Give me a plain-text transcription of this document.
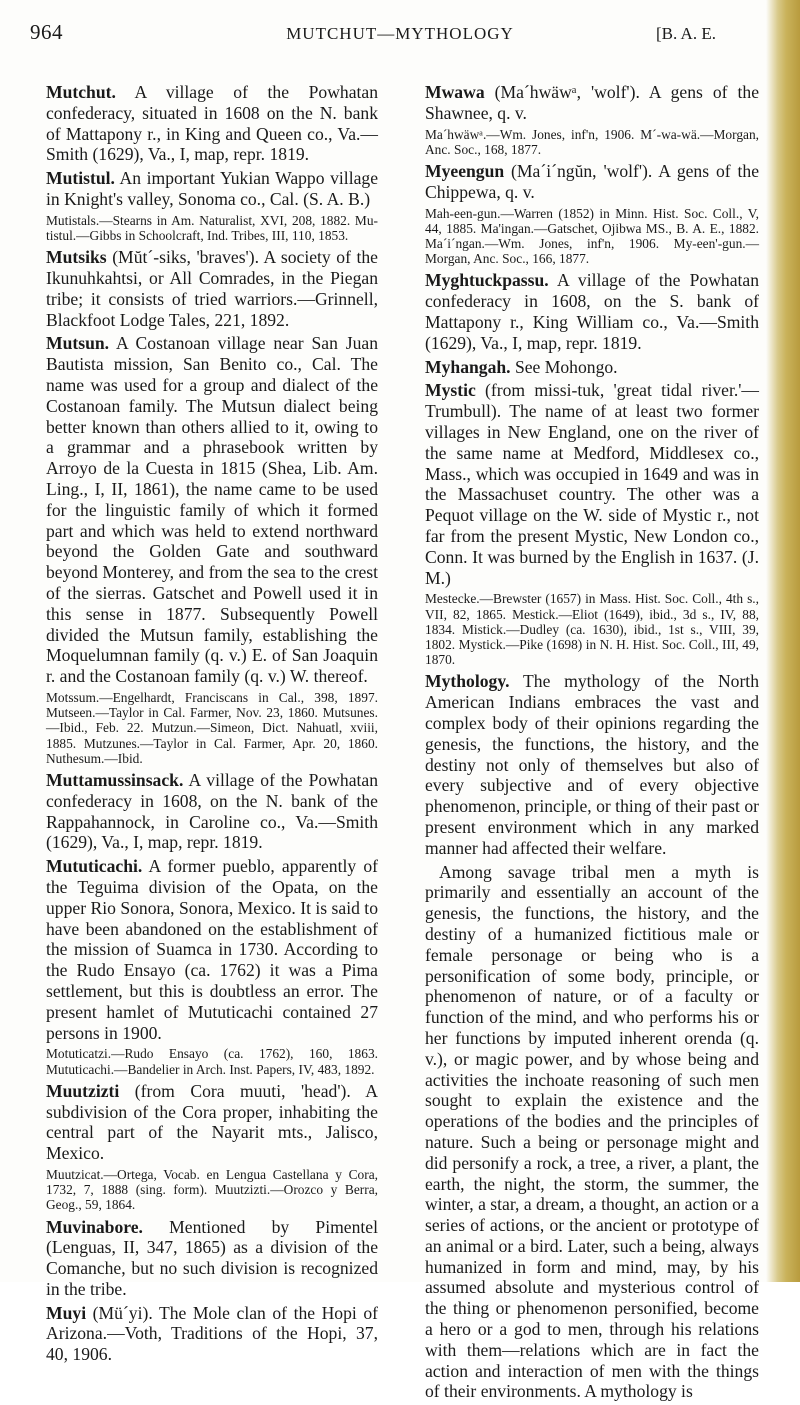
964	MUTCHUT—MYTHOLOGY	[B. A. E.

Mutchut. A village of the Powhatan confederacy, situated in 1608 on the N. bank of Mattapony r., in King and Queen co., Va.—Smith (1629), Va., I, map, repr. 1819.

Mutistul. An important Yukian Wappo village in Knight's valley, Sonoma co., Cal. (S. A. B.)

Mutistals.—Stearns in Am. Naturalist, XVI, 208, 1882. Mu-tistul.—Gibbs in Schoolcraft, Ind. Tribes, III, 110, 1853.

Mutsiks (Mŭt´-siks, 'braves'). A society of the Ikunuhkahtsi, or All Comrades, in the Piegan tribe; it consists of tried warriors.—Grinnell, Blackfoot Lodge Tales, 221, 1892.

Mutsun. A Costanoan village near San Juan Bautista mission, San Benito co., Cal. The name was used for a group and dialect of the Costanoan family. The Mutsun dialect being better known than others allied to it, owing to a grammar and a phrasebook written by Arroyo de la Cuesta in 1815 (Shea, Lib. Am. Ling., I, II, 1861), the name came to be used for the linguistic family of which it formed part and which was held to extend northward beyond the Golden Gate and southward beyond Monterey, and from the sea to the crest of the sierras. Gatschet and Powell used it in this sense in 1877. Subsequently Powell divided the Mutsun family, establishing the Moquelumnan family (q. v.) E. of San Joaquin r. and the Costanoan family (q. v.) W. thereof.

Motssum.—Engelhardt, Franciscans in Cal., 398, 1897. Mutseen.—Taylor in Cal. Farmer, Nov. 23, 1860. Mutsunes.—Ibid., Feb. 22. Mutzun.—Simeon, Dict. Nahuatl, xviii, 1885. Mutzunes.—Taylor in Cal. Farmer, Apr. 20, 1860. Nuthesum.—Ibid.

Muttamussinsack. A village of the Powhatan confederacy in 1608, on the N. bank of the Rappahannock, in Caroline co., Va.—Smith (1629), Va., I, map, repr. 1819.

Mututicachi. A former pueblo, apparently of the Teguima division of the Opata, on the upper Rio Sonora, Sonora, Mexico. It is said to have been abandoned on the establishment of the mission of Suamca in 1730. According to the Rudo Ensayo (ca. 1762) it was a Pima settlement, but this is doubtless an error. The present hamlet of Mututicachi contained 27 persons in 1900.

Motuticatzi.—Rudo Ensayo (ca. 1762), 160, 1863. Mututicachi.—Bandelier in Arch. Inst. Papers, IV, 483, 1892.

Muutzizti (from Cora muuti, 'head'). A subdivision of the Cora proper, inhabiting the central part of the Nayarit mts., Jalisco, Mexico.

Muutzicat.—Ortega, Vocab. en Lengua Castellana y Cora, 1732, 7, 1888 (sing. form). Muutzizti.—Orozco y Berra, Geog., 59, 1864.

Muvinabore. Mentioned by Pimentel (Lenguas, II, 347, 1865) as a division of the Comanche, but no such division is recognized in the tribe.

Muyi (Mü´yi). The Mole clan of the Hopi of Arizona.—Voth, Traditions of the Hopi, 37, 40, 1906.

Mwawa (Ma´hwäwᵃ, 'wolf'). A gens of the Shawnee, q. v.

Ma´hwäwᵃ.—Wm. Jones, inf'n, 1906. M´-wa-wä.—Morgan, Anc. Soc., 168, 1877.

Myeengun (Ma´i´ngŭn, 'wolf'). A gens of the Chippewa, q. v.

Mah-een-gun.—Warren (1852) in Minn. Hist. Soc. Coll., V, 44, 1885. Ma'ingan.—Gatschet, Ojibwa MS., B. A. E., 1882. Ma´i´ngan.—Wm. Jones, inf'n, 1906. My-een'-gun.—Morgan, Anc. Soc., 166, 1877.

Myghtuckpassu. A village of the Powhatan confederacy in 1608, on the S. bank of Mattapony r., King William co., Va.—Smith (1629), Va., I, map, repr. 1819.

Myhangah. See Mohongo.

Mystic (from missi-tuk, 'great tidal river.'—Trumbull). The name of at least two former villages in New England, one on the river of the same name at Medford, Middlesex co., Mass., which was occupied in 1649 and was in the Massachuset country. The other was a Pequot village on the W. side of Mystic r., not far from the present Mystic, New London co., Conn. It was burned by the English in 1637. (J. M.)

Mestecke.—Brewster (1657) in Mass. Hist. Soc. Coll., 4th s., VII, 82, 1865. Mestick.—Eliot (1649), ibid., 3d s., IV, 88, 1834. Mistick.—Dudley (ca. 1630), ibid., 1st s., VIII, 39, 1802. Mystick.—Pike (1698) in N. H. Hist. Soc. Coll., III, 49, 1870.

Mythology. The mythology of the North American Indians embraces the vast and complex body of their opinions regarding the genesis, the functions, the history, and the destiny not only of themselves but also of every subjective and of every objective phenomenon, principle, or thing of their past or present environment which in any marked manner had affected their welfare.

Among savage tribal men a myth is primarily and essentially an account of the genesis, the functions, the history, and the destiny of a humanized fictitious male or female personage or being who is a personification of some body, principle, or phenomenon of nature, or of a faculty or function of the mind, and who performs his or her functions by imputed inherent orenda (q. v.), or magic power, and by whose being and activities the inchoate reasoning of such men sought to explain the existence and the operations of the bodies and the principles of nature. Such a being or personage might and did personify a rock, a tree, a river, a plant, the earth, the night, the storm, the summer, the winter, a star, a dream, a thought, an action or a series of actions, or the ancient or prototype of an animal or a bird. Later, such a being, always humanized in form and mind, may, by his assumed absolute and mysterious control of the thing or phenomenon personified, become a hero or a god to men, through his relations with them—relations which are in fact the action and interaction of men with the things of their environments. A mythology is
